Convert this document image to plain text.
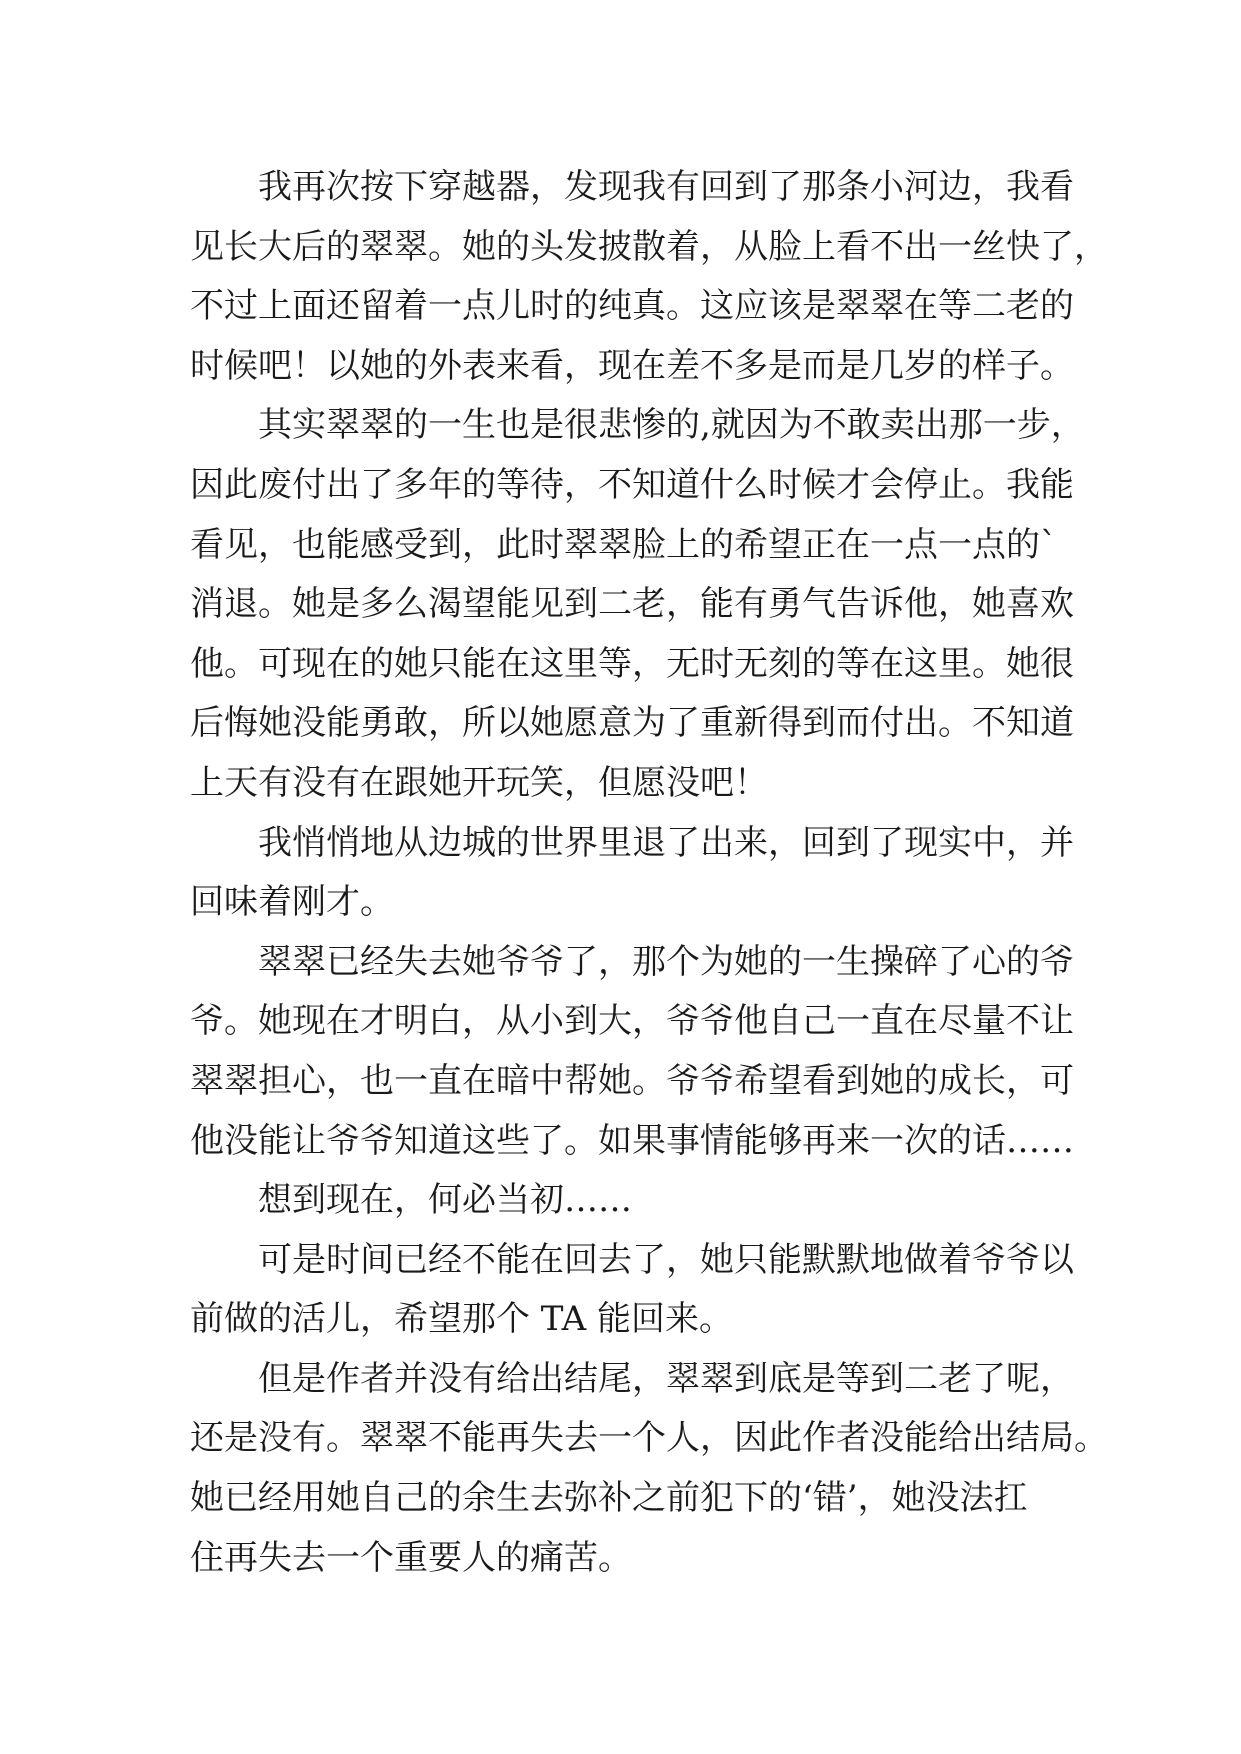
我再次按下穿越器，发现我有回到了那条小河边，我看
见长大后的翠翠。她的头发披散着，从脸上看不出一丝快了，
不过上面还留着一点儿时的纯真。这应该是翠翠在等二老的
时候吧！以她的外表来看，现在差不多是而是几岁的样子。

其实翠翠的一生也是很悲惨的,就因为不敢卖出那一步，
因此废付出了多年的等待，不知道什么时候才会停止。我能
看见，也能感受到，此时翠翠脸上的希望正在一点一点的`
消退。她是多么渴望能见到二老，能有勇气告诉他，她喜欢
他。可现在的她只能在这里等，无时无刻的等在这里。她很
后悔她没能勇敢，所以她愿意为了重新得到而付出。不知道
上天有没有在跟她开玩笑，但愿没吧！

我悄悄地从边城的世界里退了出来，回到了现实中，并
回味着刚才。

翠翠已经失去她爷爷了，那个为她的一生操碎了心的爷
爷。她现在才明白，从小到大，爷爷他自己一直在尽量不让
翠翠担心，也一直在暗中帮她。爷爷希望看到她的成长，可
他没能让爷爷知道这些了。如果事情能够再来一次的话……

想到现在，何必当初……

可是时间已经不能在回去了，她只能默默地做着爷爷以
前做的活儿，希望那个 TA 能回来。

但是作者并没有给出结尾，翠翠到底是等到二老了呢，
还是没有。翠翠不能再失去一个人，因此作者没能给出结局。
她已经用她自己的余生去弥补之前犯下的‘错’，她没法扛
住再失去一个重要人的痛苦。
